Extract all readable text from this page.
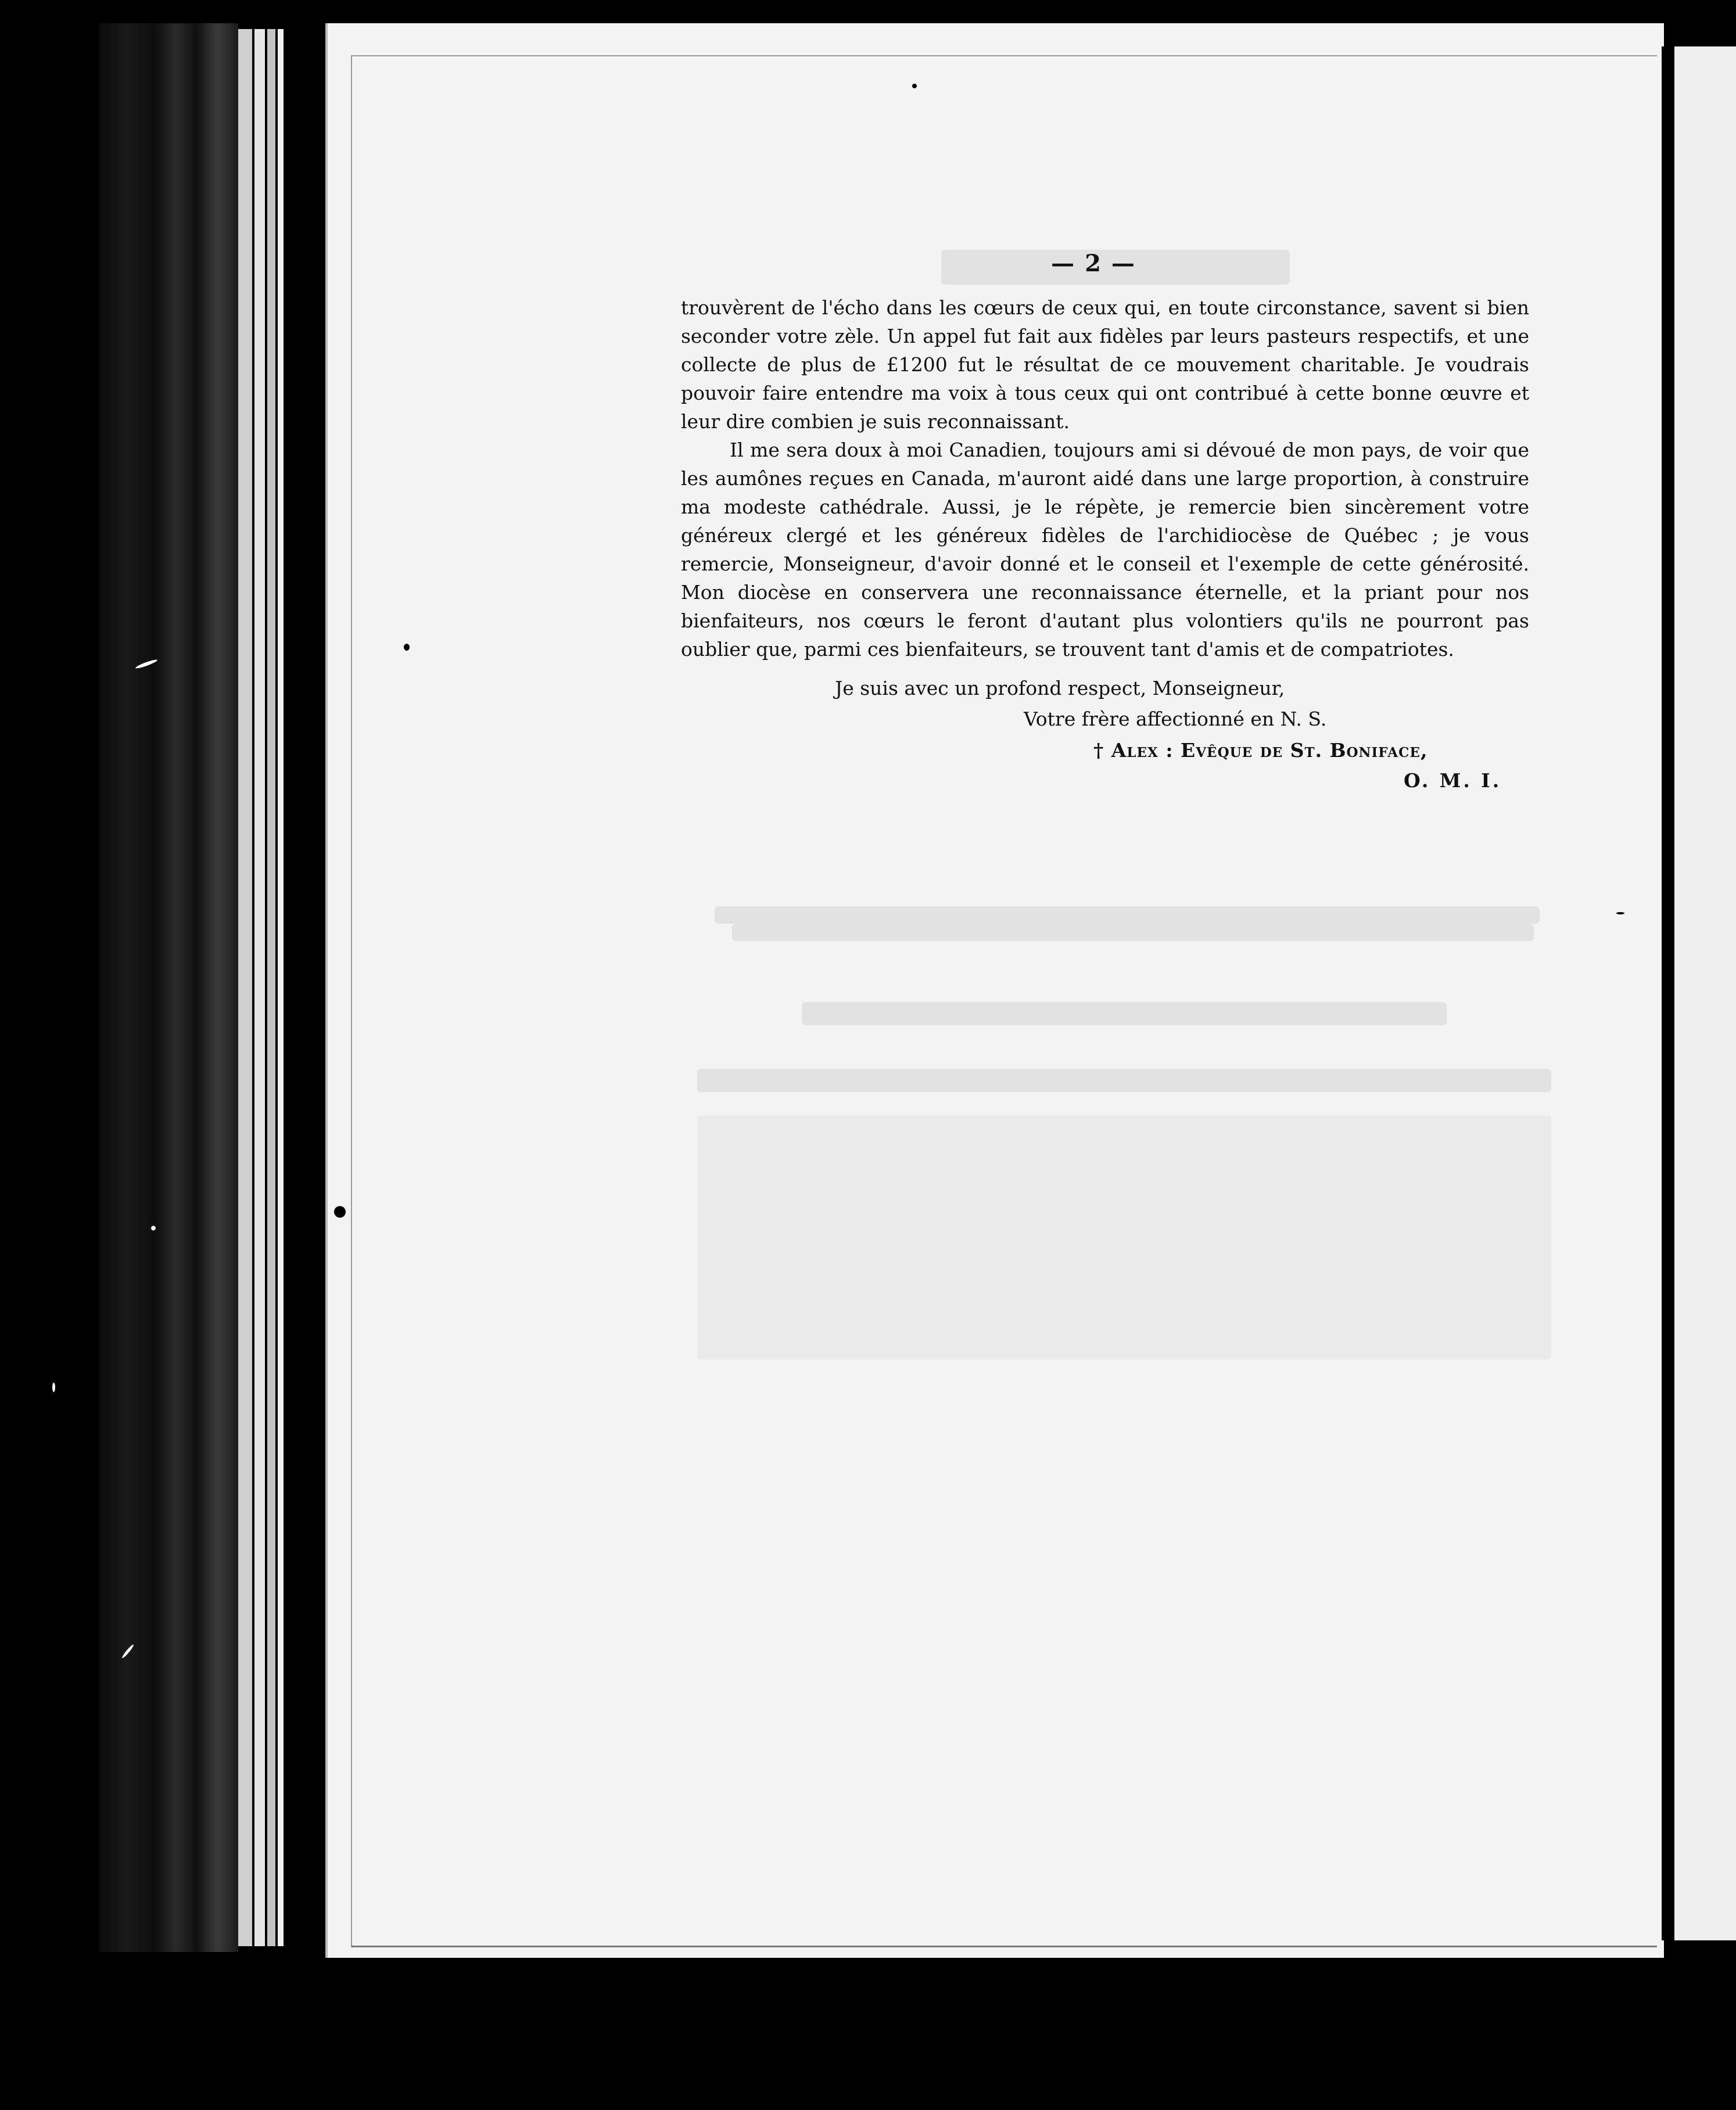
— 2 —

trouvèrent de l'écho dans les cœurs de ceux qui, en toute circonstance, savent si bien seconder votre zèle. Un appel fut fait aux fidèles par leurs pasteurs respectifs, et une collecte de plus de £1200 fut le résultat de ce mouvement charitable. Je voudrais pouvoir faire entendre ma voix à tous ceux qui ont contribué à cette bonne œuvre et leur dire combien je suis reconnaissant.

Il me sera doux à moi Canadien, toujours ami si dévoué de mon pays, de voir que les aumônes reçues en Canada, m'auront aidé dans une large proportion, à construire ma modeste cathédrale. Aussi, je le répète, je remercie bien sincèrement votre généreux clergé et les généreux fidèles de l'archidiocèse de Québec ; je vous remercie, Monseigneur, d'avoir donné et le conseil et l'exemple de cette générosité. Mon diocèse en conservera une reconnaissance éternelle, et la priant pour nos bienfaiteurs, nos cœurs le feront d'autant plus volontiers qu'ils ne pourront pas oublier que, parmi ces bienfaiteurs, se trouvent tant d'amis et de compatriotes.

Je suis avec un profond respect, Monseigneur,
Votre frère affectionné en N. S.
† Alex : Evêque de St. Boniface,
O. M. I.
